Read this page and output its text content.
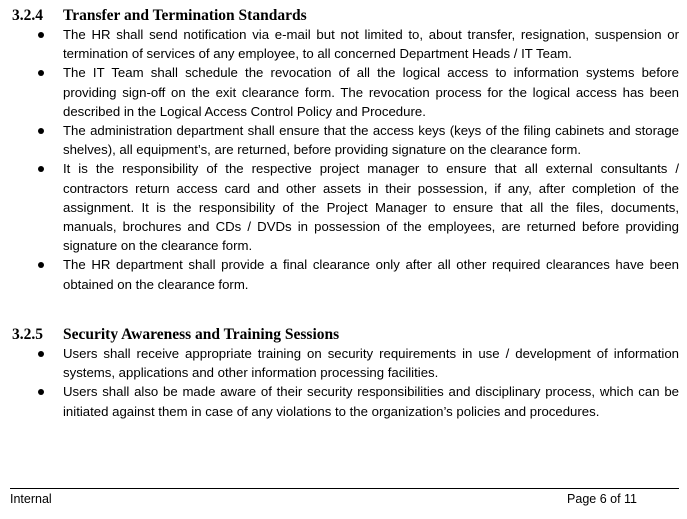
3.2.4	Transfer and Termination Standards
The HR shall send notification via e-mail but not limited to, about transfer, resignation, suspension or termination of services of any employee, to all concerned Department Heads / IT Team.
The IT Team shall schedule the revocation of all the logical access to information systems before providing sign-off on the exit clearance form. The revocation process for the logical access has been described in the Logical Access Control Policy and Procedure.
The administration department shall ensure that the access keys (keys of the filing cabinets and storage shelves), all equipment’s, are returned, before providing signature on the clearance form.
It is the responsibility of the respective project manager to ensure that all external consultants / contractors return access card and other assets in their possession, if any, after completion of the assignment. It is the responsibility of the Project Manager to ensure that all the files, documents, manuals, brochures and CDs / DVDs in possession of the employees, are returned before providing signature on the clearance form.
The HR department shall provide a final clearance only after all other required clearances have been obtained on the clearance form.
3.2.5	Security Awareness and Training Sessions
Users shall receive appropriate training on security requirements in use / development of information systems, applications and other information processing facilities.
Users shall also be made aware of their security responsibilities and disciplinary process, which can be initiated against them in case of any violations to the organization’s policies and procedures.
Internal	Page 6 of 11
